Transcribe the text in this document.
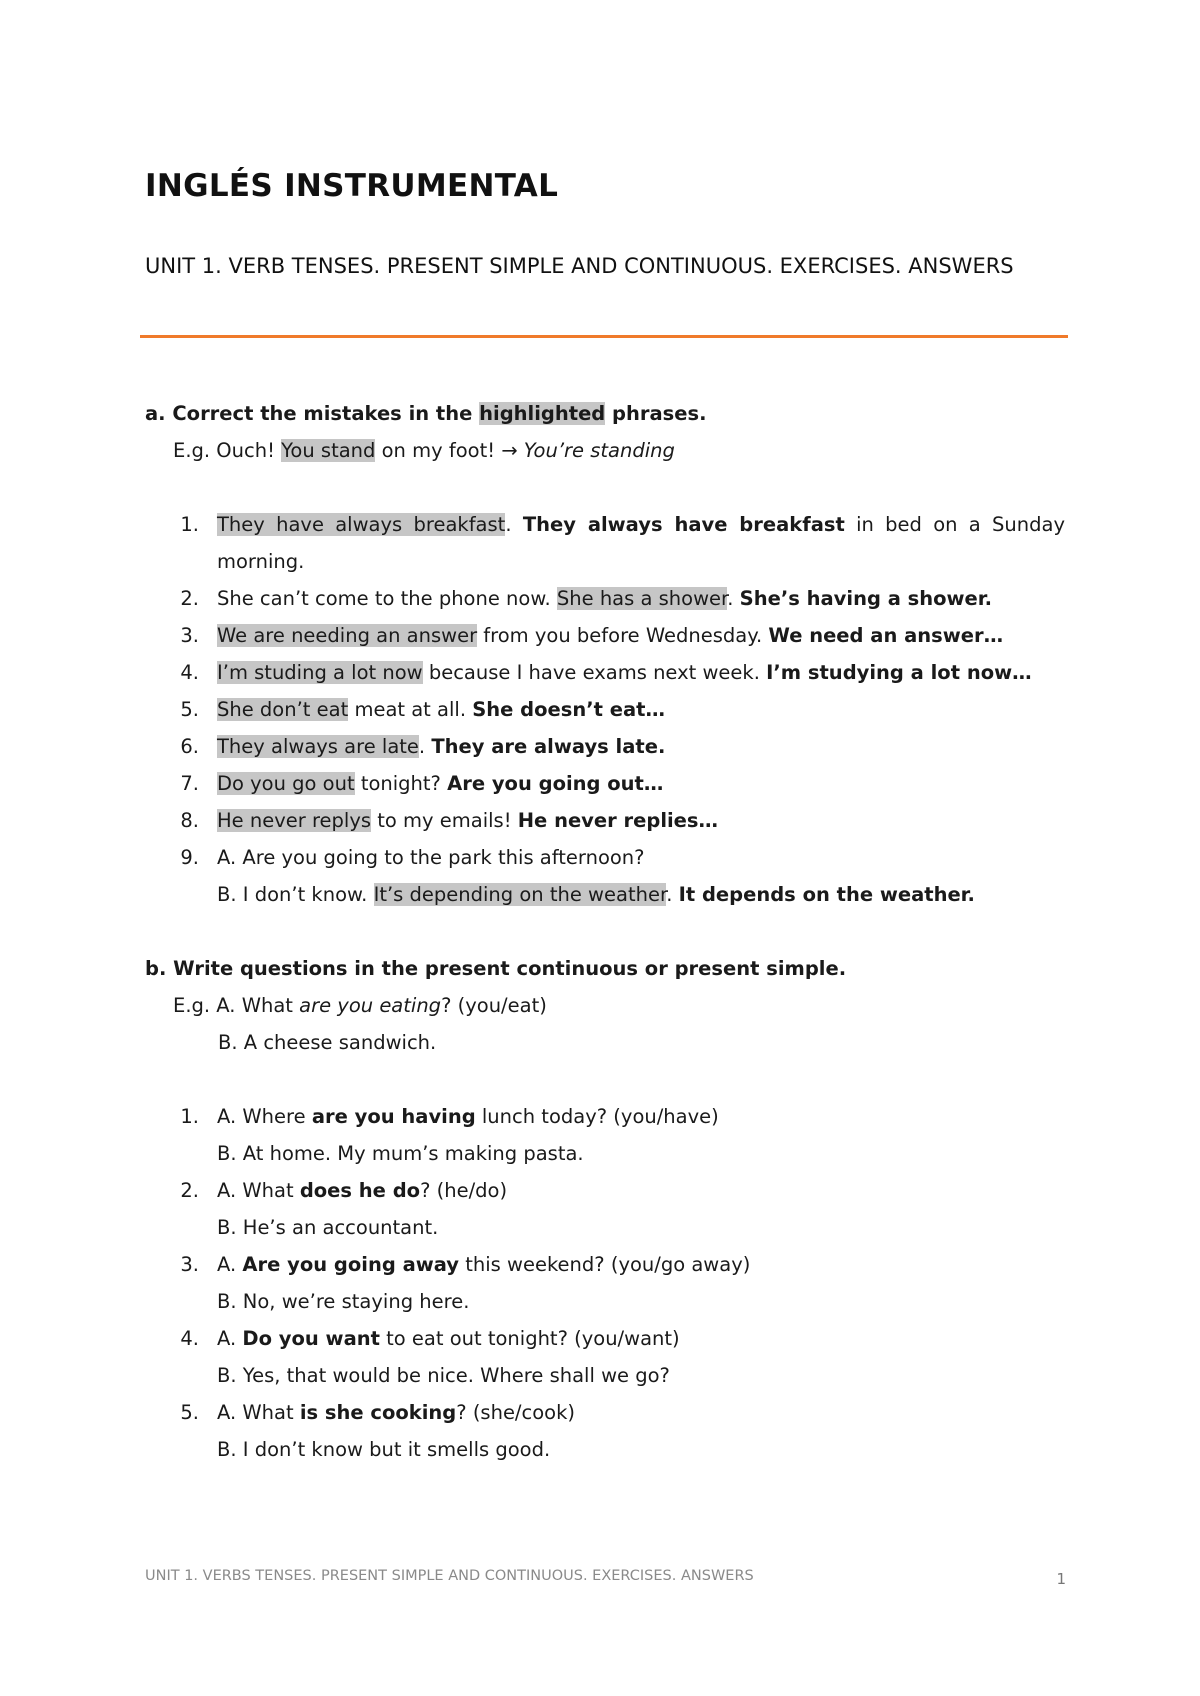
INGLÉS INSTRUMENTAL
UNIT 1. VERB TENSES. PRESENT SIMPLE AND CONTINUOUS. EXERCISES. ANSWERS
a. Correct the mistakes in the highlighted phrases.
E.g. Ouch! You stand on my foot! → You’re standing
1. They have always breakfast. They always have breakfast in bed on a Sunday morning.
2. She can’t come to the phone now. She has a shower. She’s having a shower.
3. We are needing an answer from you before Wednesday. We need an answer…
4. I’m studing a lot now because I have exams next week. I’m studying a lot now…
5. She don’t eat meat at all. She doesn’t eat…
6. They always are late. They are always late.
7. Do you go out tonight? Are you going out…
8. He never replys to my emails! He never replies…
9. A. Are you going to the park this afternoon?
B. I don’t know. It’s depending on the weather. It depends on the weather.
b. Write questions in the present continuous or present simple.
E.g. A. What are you eating? (you/eat)
B. A cheese sandwich.
1. A. Where are you having lunch today? (you/have)
B. At home. My mum’s making pasta.
2. A. What does he do? (he/do)
B. He’s an accountant.
3. A. Are you going away this weekend? (you/go away)
B. No, we’re staying here.
4. A. Do you want to eat out tonight? (you/want)
B. Yes, that would be nice. Where shall we go?
5. A. What is she cooking? (she/cook)
B. I don’t know but it smells good.
UNIT 1. VERBS TENSES. PRESENT SIMPLE AND CONTINUOUS. EXERCISES. ANSWERS	1
